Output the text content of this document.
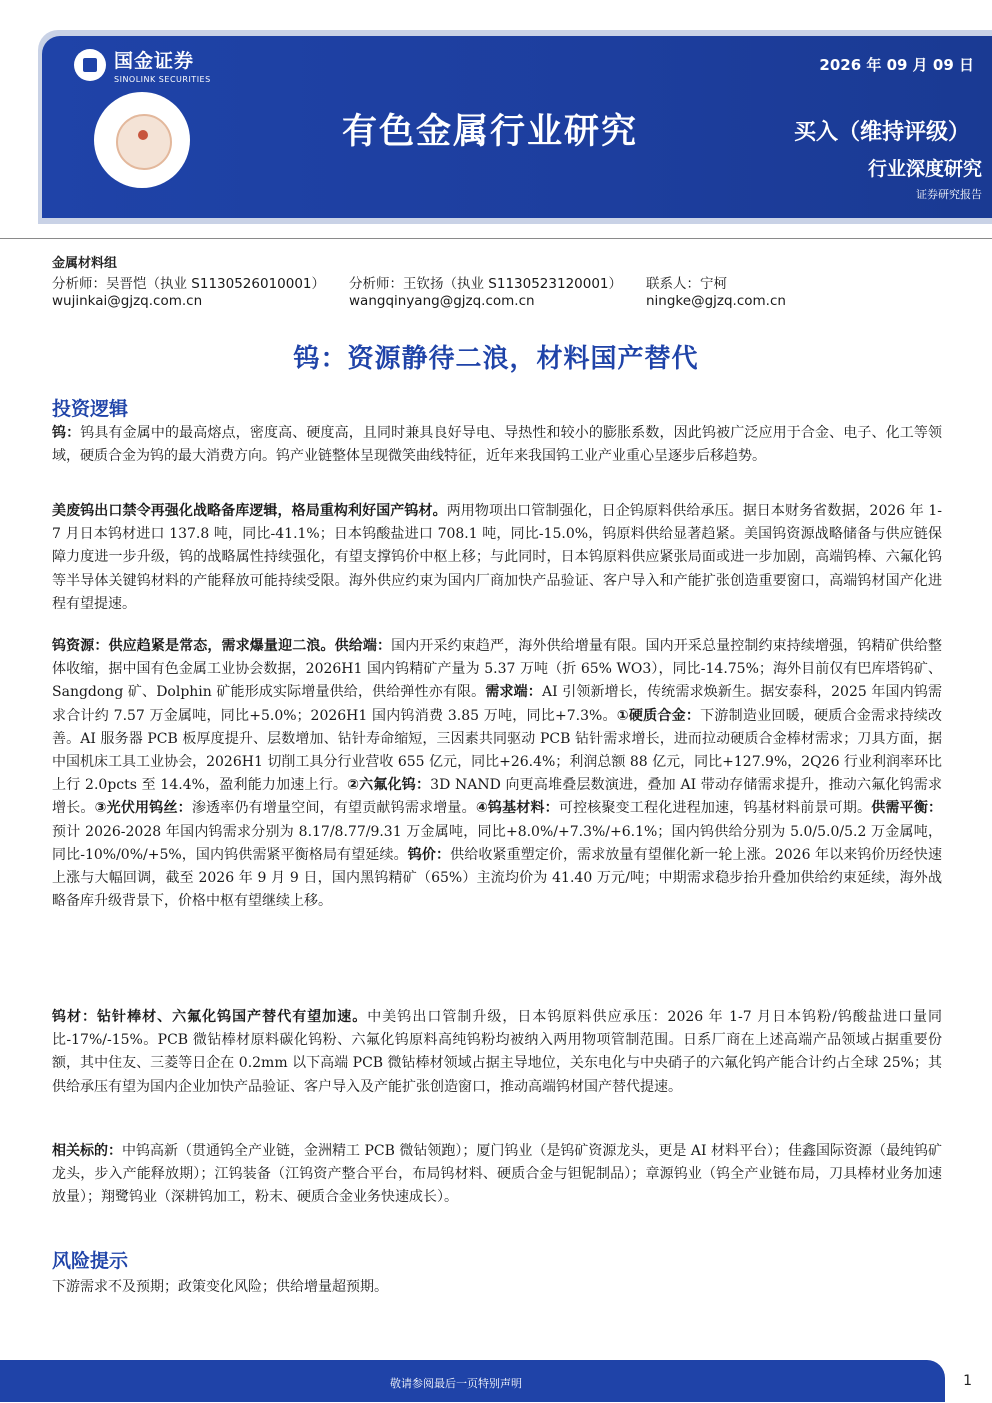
国金证券
SINOLINK SECURITIES
有色金属行业研究
2026 年 09 月 09 日
买入（维持评级）
行业深度研究
证券研究报告
金属材料组
分析师：吴晋恺（执业 S1130526010001）	分析师：王钦扬（执业 S1130523120001）	联系人：宁柯
wujinkai@gjzq.com.cn	wangqinyang@gjzq.com.cn	ningke@gjzq.com.cn
钨：资源静待二浪，材料国产替代
投资逻辑

钨：钨具有金属中的最高熔点，密度高、硬度高，且同时兼具良好导电、导热性和较小的膨胀系数，因此钨被广泛应用于合金、电子、化工等领域，硬质合金为钨的最大消费方向。钨产业链整体呈现微笑曲线特征，近年来我国钨工业产业重心呈逐步后移趋势。

美废钨出口禁令再强化战略备库逻辑，格局重构利好国产钨材。两用物项出口管制强化，日企钨原料供给承压。据日本财务省数据，2026 年 1-7 月日本钨材进口 137.8 吨，同比-41.1%；日本钨酸盐进口 708.1 吨，同比-15.0%，钨原料供给显著趋紧。美国钨资源战略储备与供应链保障力度进一步升级，钨的战略属性持续强化，有望支撑钨价中枢上移；与此同时，日本钨原料供应紧张局面或进一步加剧，高端钨棒、六氟化钨等半导体关键钨材料的产能释放可能持续受限。海外供应约束为国内厂商加快产品验证、客户导入和产能扩张创造重要窗口，高端钨材国产化进程有望提速。

钨资源：供应趋紧是常态，需求爆量迎二浪。供给端：国内开采约束趋严，海外供给增量有限。国内开采总量控制约束持续增强，钨精矿供给整体收缩，据中国有色金属工业协会数据，2026H1 国内钨精矿产量为 5.37 万吨（折 65% WO3），同比-14.75%；海外目前仅有巴库塔钨矿、Sangdong 矿、Dolphin 矿能形成实际增量供给，供给弹性亦有限。需求端：AI 引领新增长，传统需求焕新生。据安泰科，2025 年国内钨需求合计约 7.57 万金属吨，同比+5.0%；2026H1 国内钨消费 3.85 万吨，同比+7.3%。①硬质合金：下游制造业回暖，硬质合金需求持续改善。AI 服务器 PCB 板厚度提升、层数增加、钻针寿命缩短，三因素共同驱动 PCB 钻针需求增长，进而拉动硬质合金棒材需求；刀具方面，据中国机床工具工业协会，2026H1 切削工具分行业营收 655 亿元，同比+26.4%；利润总额 88 亿元，同比+127.9%，2Q26 行业利润率环比上行 2.0pcts 至 14.4%，盈利能力加速上行。②六氟化钨：3D NAND 向更高堆叠层数演进，叠加 AI 带动存储需求提升，推动六氟化钨需求增长。③光伏用钨丝：渗透率仍有增量空间，有望贡献钨需求增量。④钨基材料：可控核聚变工程化进程加速，钨基材料前景可期。供需平衡：预计 2026-2028 年国内钨需求分别为 8.17/8.77/9.31 万金属吨，同比+8.0%/+7.3%/+6.1%；国内钨供给分别为 5.0/5.0/5.2 万金属吨，同比-10%/0%/+5%，国内钨供需紧平衡格局有望延续。钨价：供给收紧重塑定价，需求放量有望催化新一轮上涨。2026 年以来钨价历经快速上涨与大幅回调，截至 2026 年 9 月 9 日，国内黑钨精矿（65%）主流均价为 41.40 万元/吨；中期需求稳步抬升叠加供给约束延续，海外战略备库升级背景下，价格中枢有望继续上移。

钨材：钻针棒材、六氟化钨国产替代有望加速。中美钨出口管制升级，日本钨原料供应承压：2026 年 1-7 月日本钨粉/钨酸盐进口量同比-17%/-15%。PCB 微钻棒材原料碳化钨粉、六氟化钨原料高纯钨粉均被纳入两用物项管制范围。日系厂商在上述高端产品领域占据重要份额，其中住友、三菱等日企在 0.2mm 以下高端 PCB 微钻棒材领域占据主导地位，关东电化与中央硝子的六氟化钨产能合计约占全球 25%；其供给承压有望为国内企业加快产品验证、客户导入及产能扩张创造窗口，推动高端钨材国产替代提速。

相关标的：中钨高新（贯通钨全产业链，金洲精工 PCB 微钻领跑）；厦门钨业（是钨矿资源龙头，更是 AI 材料平台）；佳鑫国际资源（最纯钨矿龙头，步入产能释放期）；江钨装备（江钨资产整合平台，布局钨材料、硬质合金与钽铌制品）；章源钨业（钨全产业链布局，刀具棒材业务加速放量）；翔鹭钨业（深耕钨加工，粉末、硬质合金业务快速成长）。

风险提示

下游需求不及预期；政策变化风险；供给增量超预期。

敬请参阅最后一页特别声明	1
